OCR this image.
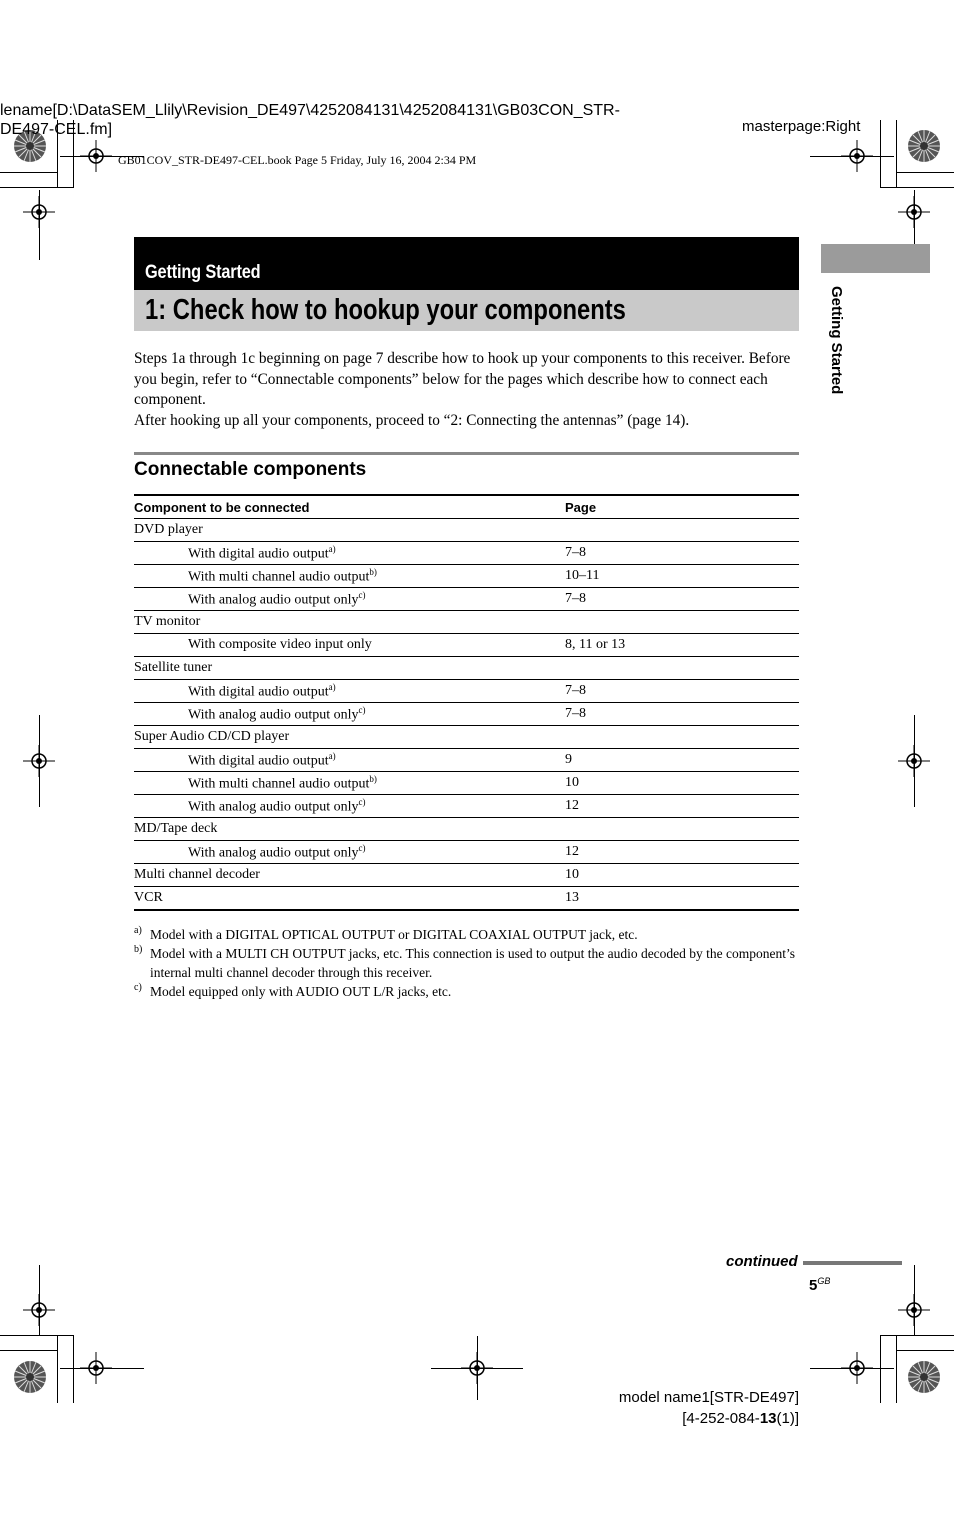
lename[D:\DataSEM_Llily\Revision_DE497\4252084131\4252084131\GB03CON_STR-DE497-CEL.fm]	masterpage:Right
GB01COV_STR-DE497-CEL.book Page 5 Friday, July 16, 2004 2:34 PM
Getting Started
1: Check how to hookup your components	Getting Started

Steps 1a through 1c beginning on page 7 describe how to hook up your components to this receiver. Before you begin, refer to “Connectable components” below for the pages which describe how to connect each component.

After hooking up all your components, proceed to “2: Connecting the antennas” (page 14).

Connectable components
Component to be connected	Page
DVD player	
With digital audio output$^{a)}$	7–8
With multi channel audio output$^{b)}$	10–11
With analog audio output only$^{c)}$	7–8
TV monitor	
With composite video input only	8, 11 or 13
Satellite tuner	
With digital audio output$^{a)}$	7–8
With analog audio output only$^{c)}$	7–8
Super Audio CD/CD player	
With digital audio output$^{a)}$	9
With multi channel audio output$^{b)}$	10
With analog audio output only$^{c)}$	12
MD/Tape deck	
With analog audio output only$^{c)}$	12
Multi channel decoder	10
VCR	13
a) Model with a DIGITAL OPTICAL OUTPUT or DIGITAL COAXIAL OUTPUT jack, etc.
b) Model with a MULTI CH OUTPUT jacks, etc. This connection is used to output the audio decoded by the component’s internal multi channel decoder through this receiver.
c) Model equipped only with AUDIO OUT L/R jacks, etc.
continued
$5^{GB}$
model name1[STR-DE497]
[4-252-084-13(1)]
